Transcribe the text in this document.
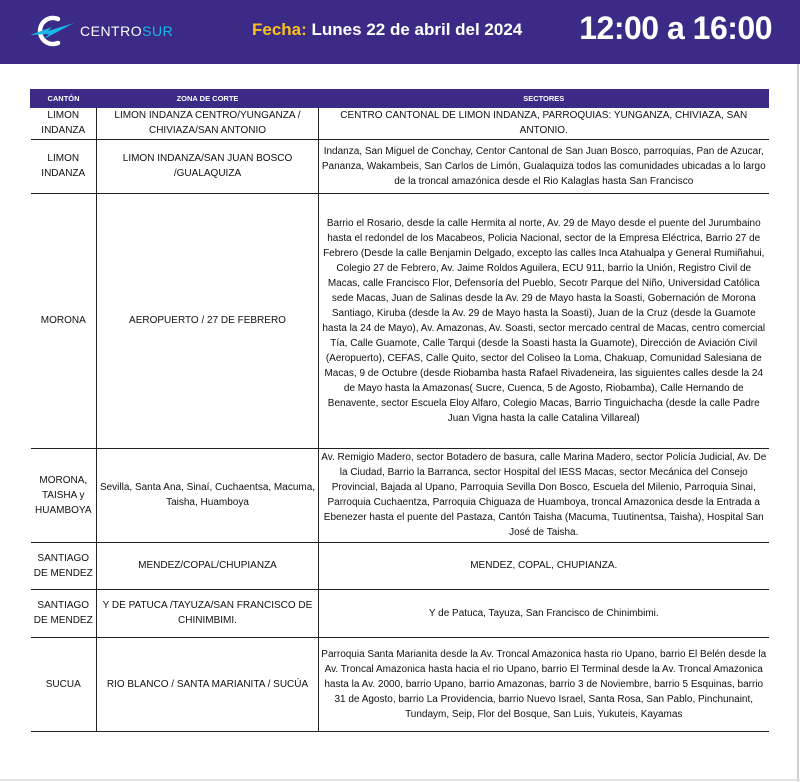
CENTROSUR	Fecha: Lunes 22 de abril del 2024 12:00 a 16:00
CANTÓN	ZONA DE CORTE	SECTORES
LIMON INDANZA	LIMON INDANZA CENTRO/YUNGANZA / CHIVIAZA/SAN ANTONIO	CENTRO CANTONAL DE LIMON INDANZA, PARROQUIAS: YUNGANZA, CHIVIAZA, SAN ANTONIO.
LIMON INDANZA	LIMON INDANZA/SAN JUAN BOSCO /GUALAQUIZA	Indanza, San Miguel de Conchay, Centor Cantonal de San Juan Bosco, parroquias, Pan de Azucar, Pananza, Wakambeis, San Carlos de Limón, Gualaquiza todos las comunidades ubicadas a lo largo de la troncal amazónica desde el Rio Kalaglas hasta San Francisco
MORONA	AEROPUERTO / 27 DE FEBRERO	Barrio el Rosario, desde la calle Hermita al norte, Av. 29 de Mayo desde el puente del Jurumbaino hasta el redondel de los Macabeos, Policia Nacional, sector de la Empresa Eléctrica, Barrio 27 de Febrero (Desde la calle Benjamin Delgado, excepto las calles Inca Atahualpa y General Rumiñahui, Colegio 27 de Febrero, Av. Jaime Roldos Aguilera, ECU 911, barrio la Unión, Registro Civil de Macas, calle Francisco Flor, Defensoría del Pueblo, Secotr Parque del Niño, Universidad Católica sede Macas, Juan de Salinas desde la Av. 29 de Mayo hasta la Soasti, Gobernación de Morona Santiago, Kiruba (desde la Av. 29 de Mayo hasta la Soasti), Juan de la Cruz (desde la Guamote hasta la 24 de Mayo), Av. Amazonas, Av. Soasti, sector mercado central de Macas, centro comercial Tía, Calle Guamote, Calle Tarqui (desde la Soasti hasta la Guamote), Dirección de Aviación Civil (Aeropuerto), CEFAS, Calle Quito, sector del Coliseo la Loma, Chakuap, Comunidad Salesiana de Macas, 9 de Octubre (desde Riobamba hasta Rafael Rivadeneira, las siguientes calles desde la 24 de Mayo hasta la Amazonas( Sucre, Cuenca, 5 de Agosto, Riobamba), Calle Hernando de Benavente, sector Escuela Eloy Alfaro, Colegio Macas, Barrio Tinguichacha (desde la calle Padre Juan Vigna hasta la calle Catalina Villareal)
MORONA, TAISHA y HUAMBOYA	Sevilla, Santa Ana, Sinaí, Cuchaentsa, Macuma, Taisha, Huamboya	Av. Remigio Madero, sector Botadero de basura, calle Marina Madero, sector Policía Judicial, Av. De la Ciudad, Barrio la Barranca, sector Hospital del IESS Macas, sector Mecánica del Consejo Provincial, Bajada al Upano, Parroquia Sevilla Don Bosco, Escuela del Milenio, Parroquia Sinai, Parroquia Cuchaentza, Parroquia Chiguaza de Huamboya, troncal Amazonica desde la Entrada a Ebenezer hasta el puente del Pastaza, Cantón Taisha (Macuma, Tuutinentsa, Taisha), Hospital San José de Taisha.
SANTIAGO DE MENDEZ	MENDEZ/COPAL/CHUPIANZA	MENDEZ, COPAL, CHUPIANZA.
SANTIAGO DE MENDEZ	Y DE PATUCA /TAYUZA/SAN FRANCISCO DE CHINIMBIMI.	Y de Patuca, Tayuza, San Francisco de Chinimbimi.
SUCUA	RIO BLANCO / SANTA MARIANITA / SUCÚA	Parroquia Santa Marianita desde la Av. Troncal Amazonica hasta rio Upano, barrio El Belén desde la Av. Troncal Amazonica hasta hacia el rio Upano, barrio El Terminal desde la Av. Troncal Amazonica hasta la Av. 2000, barrio Upano, barrio Amazonas, barrio 3 de Noviembre, barrio 5 Esquinas, barrio 31 de Agosto, barrio La Providencia, barrio Nuevo Israel, Santa Rosa, San Pablo, Pinchunaint, Tundaym, Seip, Flor del Bosque, San Luis, Yukuteis, Kayamas
